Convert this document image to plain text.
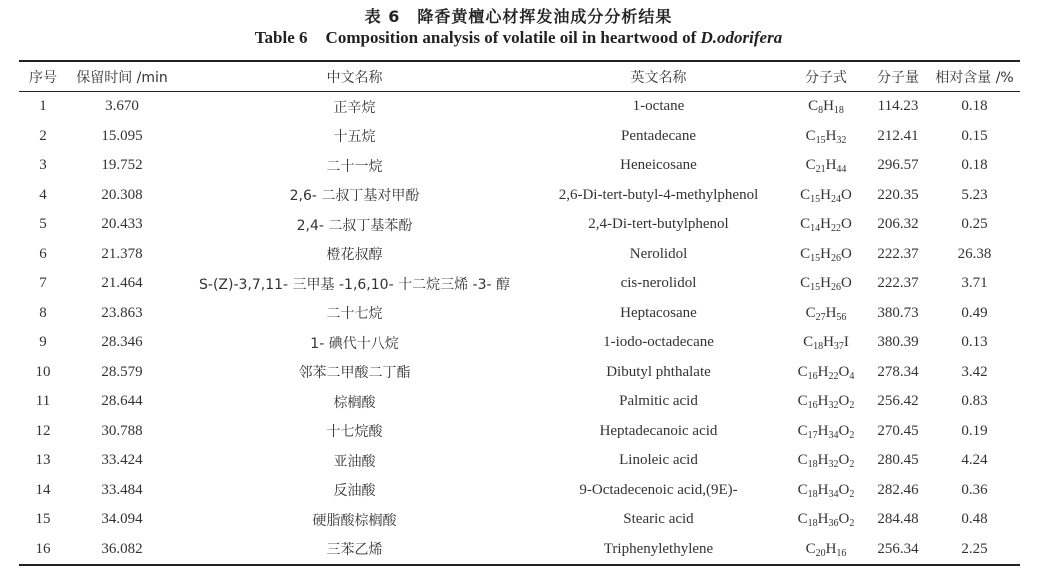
表 6　降香黄檀心材挥发油成分分析结果
Table 6 Composition analysis of volatile oil in heartwood of D.odorifera
序号	保留时间 /min	中文名称	英文名称	分子式	分子量	相对含量 /%
1	3.670	正辛烷	1-octane	$C_8H_{18}$	114.23	0.18
2	15.095	十五烷	Pentadecane	$C_{15}H_{32}$	212.41	0.15
3	19.752	二十一烷	Heneicosane	$C_{21}H_{44}$	296.57	0.18
4	20.308	2,6- 二叔丁基对甲酚	2,6-Di-tert-butyl-4-methylphenol	$C_{15}H_{24}O$	220.35	5.23
5	20.433	2,4- 二叔丁基苯酚	2,4-Di-tert-butylphenol	$C_{14}H_{22}O$	206.32	0.25
6	21.378	橙花叔醇	Nerolidol	$C_{15}H_{26}O$	222.37	26.38
7	21.464	S-(Z)-3,7,11- 三甲基 -1,6,10- 十二烷三烯 -3- 醇	cis-nerolidol	$C_{15}H_{26}O$	222.37	3.71
8	23.863	二十七烷	Heptacosane	$C_{27}H_{56}$	380.73	0.49
9	28.346	1- 碘代十八烷	1-iodo-octadecane	$C_{18}H_{37}I$	380.39	0.13
10	28.579	邻苯二甲酸二丁酯	Dibutyl phthalate	$C_{16}H_{22}O_4$	278.34	3.42
11	28.644	棕榈酸	Palmitic acid	$C_{16}H_{32}O_2$	256.42	0.83
12	30.788	十七烷酸	Heptadecanoic acid	$C_{17}H_{34}O_2$	270.45	0.19
13	33.424	亚油酸	Linoleic acid	$C_{18}H_{32}O_2$	280.45	4.24
14	33.484	反油酸	9-Octadecenoic acid,(9E)-	$C_{18}H_{34}O_2$	282.46	0.36
15	34.094	硬脂酸棕榈酸	Stearic acid	$C_{18}H_{36}O_2$	284.48	0.48
16	36.082	三苯乙烯	Triphenylethylene	$C_{20}H_{16}$	256.34	2.25
